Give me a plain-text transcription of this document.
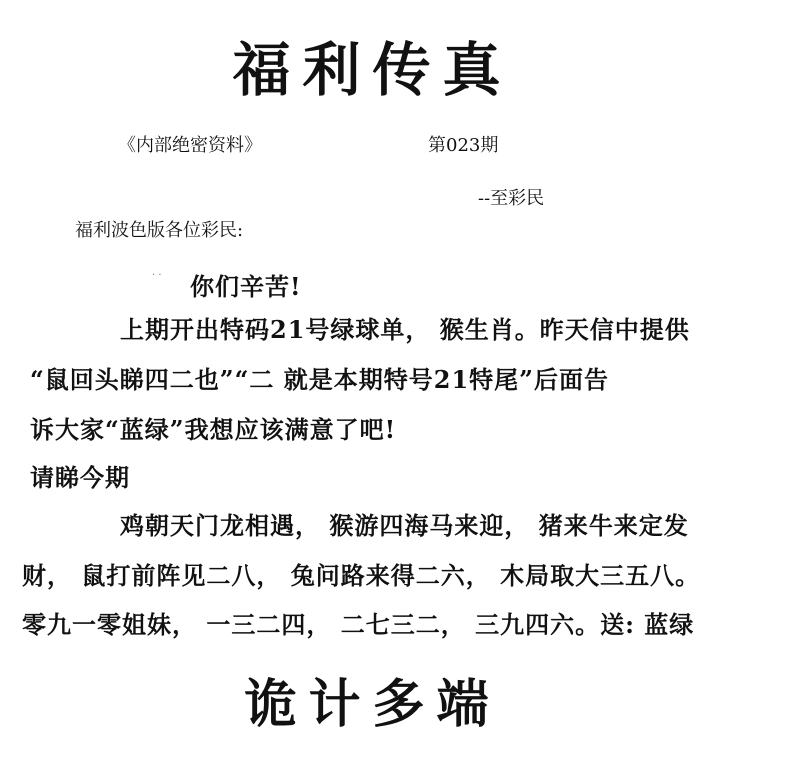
福利传真
《内部绝密资料》	第023期
--至彩民
福利波色版各位彩民:
· · 你们辛苦!
上期开出特码21号绿球单， 猴生肖。昨天信中提供
“鼠回头睇四二也”“二 就是本期特号21特尾”后面告
诉大家“蓝绿”我想应该满意了吧!
请睇今期
鸡朝天门龙相遇， 猴游四海马来迎， 猪来牛来定发
财， 鼠打前阵见二八， 兔问路来得二六， 木局取大三五八。
零九一零姐妹， 一三二四， 二七三二， 三九四六。送: 蓝绿
诡计多端
